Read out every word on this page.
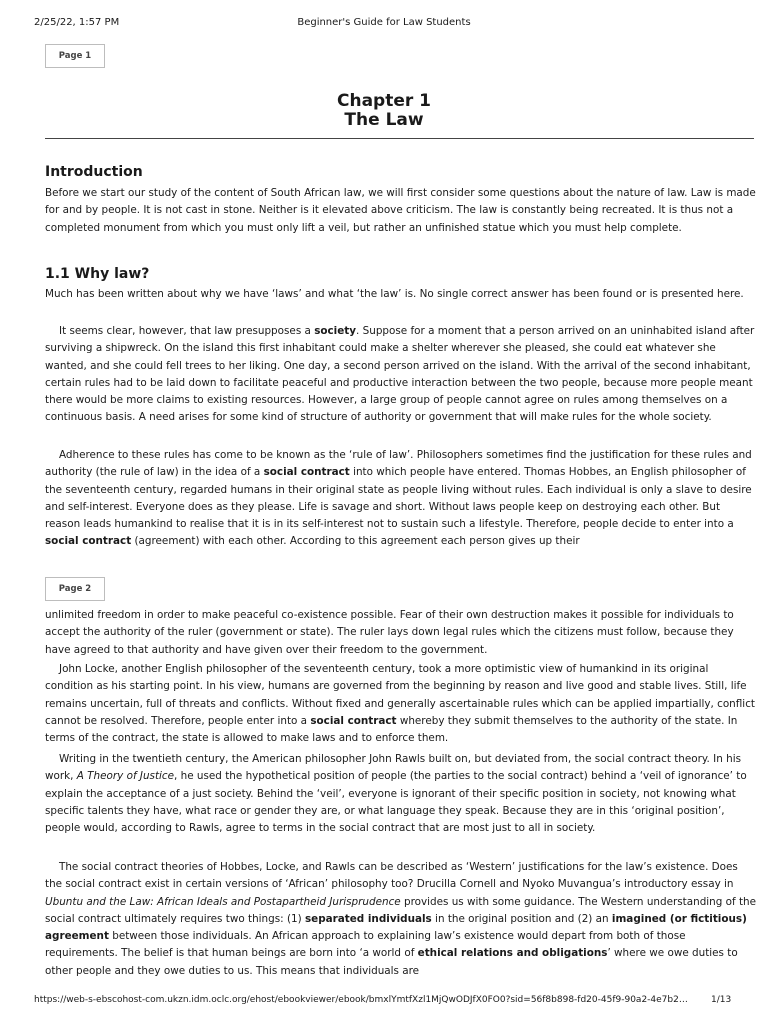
2/25/22, 1:57 PM	Beginner's Guide for Law Students
Page 1
Chapter 1
The Law
Introduction

Before we start our study of the content of South African law, we will first consider some questions about the nature of law. Law is made for and by people. It is not cast in stone. Neither is it elevated above criticism. The law is constantly being recreated. It is thus not a completed monument from which you must only lift a veil, but rather an unfinished statue which you must help complete.

1.1 Why law?

Much has been written about why we have ‘laws’ and what ‘the law’ is. No single correct answer has been found or is presented here.

It seems clear, however, that law presupposes a society. Suppose for a moment that a person arrived on an uninhabited island after surviving a shipwreck. On the island this first inhabitant could make a shelter wherever she pleased, she could eat whatever she wanted, and she could fell trees to her liking. One day, a second person arrived on the island. With the arrival of the second inhabitant, certain rules had to be laid down to facilitate peaceful and productive interaction between the two people, because more people meant there would be more claims to existing resources. However, a large group of people cannot agree on rules among themselves on a continuous basis. A need arises for some kind of structure of authority or government that will make rules for the whole society.

Adherence to these rules has come to be known as the ‘rule of law’. Philosophers sometimes find the justification for these rules and authority (the rule of law) in the idea of a social contract into which people have entered. Thomas Hobbes, an English philosopher of the seventeenth century, regarded humans in their original state as people living without rules. Each individual is only a slave to desire and self-interest. Everyone does as they please. Life is savage and short. Without laws people keep on destroying each other. But reason leads humankind to realise that it is in its self-interest not to sustain such a lifestyle. Therefore, people decide to enter into a social contract (agreement) with each other. According to this agreement each person gives up their

Page 2

unlimited freedom in order to make peaceful co-existence possible. Fear of their own destruction makes it possible for individuals to accept the authority of the ruler (government or state). The ruler lays down legal rules which the citizens must follow, because they have agreed to that authority and have given over their freedom to the government.

John Locke, another English philosopher of the seventeenth century, took a more optimistic view of humankind in its original condition as his starting point. In his view, humans are governed from the beginning by reason and live good and stable lives. Still, life remains uncertain, full of threats and conflicts. Without fixed and generally ascertainable rules which can be applied impartially, conflict cannot be resolved. Therefore, people enter into a social contract whereby they submit themselves to the authority of the state. In terms of the contract, the state is allowed to make laws and to enforce them.

Writing in the twentieth century, the American philosopher John Rawls built on, but deviated from, the social contract theory. In his work, A Theory of Justice, he used the hypothetical position of people (the parties to the social contract) behind a ‘veil of ignorance’ to explain the acceptance of a just society. Behind the ‘veil’, everyone is ignorant of their specific position in society, not knowing what specific talents they have, what race or gender they are, or what language they speak. Because they are in this ‘original position’, people would, according to Rawls, agree to terms in the social contract that are most just to all in society.

The social contract theories of Hobbes, Locke, and Rawls can be described as ‘Western’ justifications for the law’s existence. Does the social contract exist in certain versions of ‘African’ philosophy too? Drucilla Cornell and Nyoko Muvangua’s introductory essay in Ubuntu and the Law: African Ideals and Postapartheid Jurisprudence provides us with some guidance. The Western understanding of the social contract ultimately requires two things: (1) separated individuals in the original position and (2) an imagined (or fictitious) agreement between those individuals. An African approach to explaining law’s existence would depart from both of those requirements. The belief is that human beings are born into ‘a world of ethical relations and obligations’ where we owe duties to other people and they owe duties to us. This means that individuals are

https://web-s-ebscohost-com.ukzn.idm.oclc.org/ehost/ebookviewer/ebook/bmxlYmtfXzl1MjQwODJfX0FO0?sid=56f8b898-fd20-45f9-90a2-4e7b2…	1/13
